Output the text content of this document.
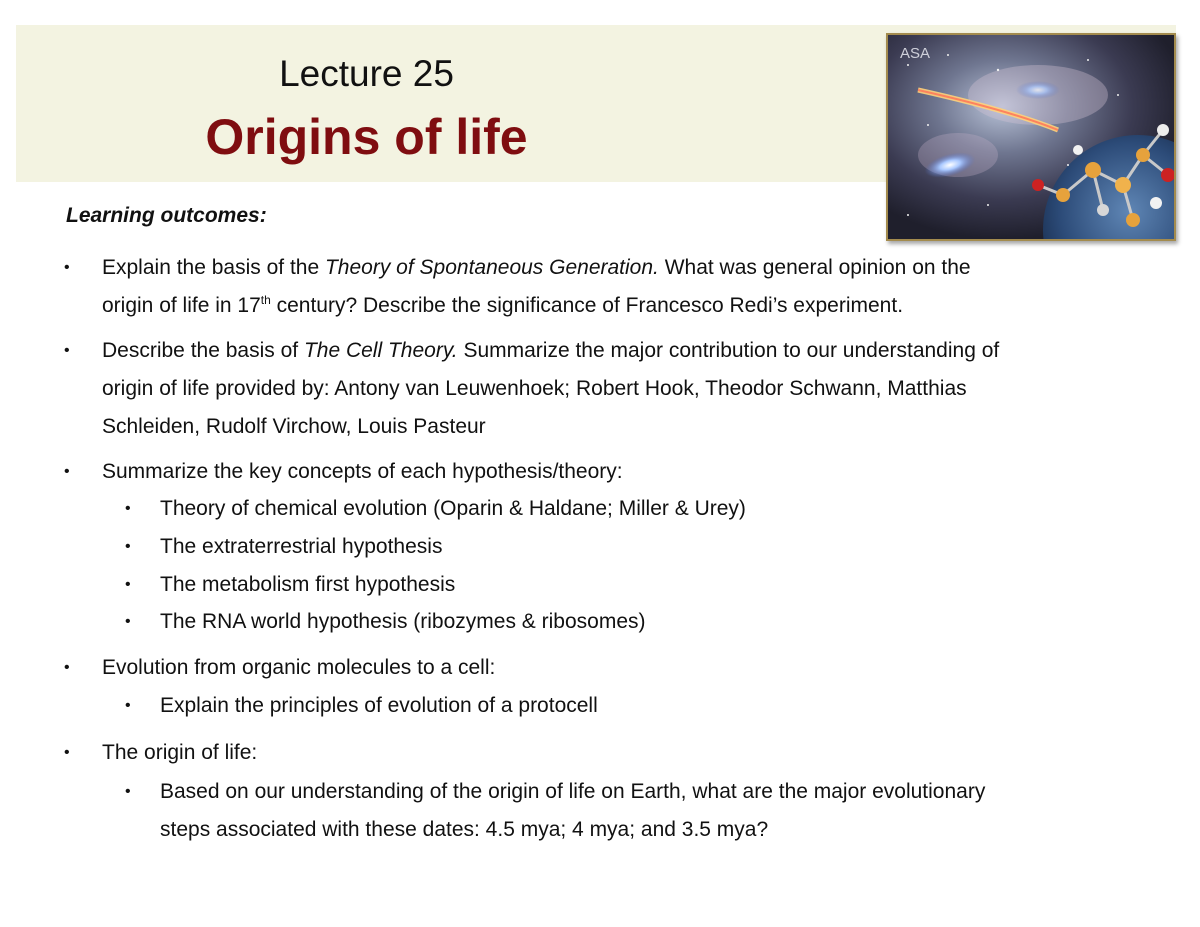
Lecture 25
Origins of life
ASA
Learning outcomes:
• Explain the basis of the Theory of Spontaneous Generation. What was general opinion on the
origin of life in 17th century? Describe the significance of Francesco Redi’s experiment.
• Describe the basis of The Cell Theory. Summarize the major contribution to our understanding of
origin of life provided by: Antony van Leuwenhoek; Robert Hook, Theodor Schwann, Matthias
Schleiden, Rudolf Virchow, Louis Pasteur
• Summarize the key concepts of each hypothesis/theory:
• Theory of chemical evolution (Oparin & Haldane; Miller & Urey)
• The extraterrestrial hypothesis
• The metabolism first hypothesis
• The RNA world hypothesis (ribozymes & ribosomes)
• Evolution from organic molecules to a cell:
• Explain the principles of evolution of a protocell
• The origin of life:
• Based on our understanding of the origin of life on Earth, what are the major evolutionary
steps associated with these dates: 4.5 mya; 4 mya; and 3.5 mya?
